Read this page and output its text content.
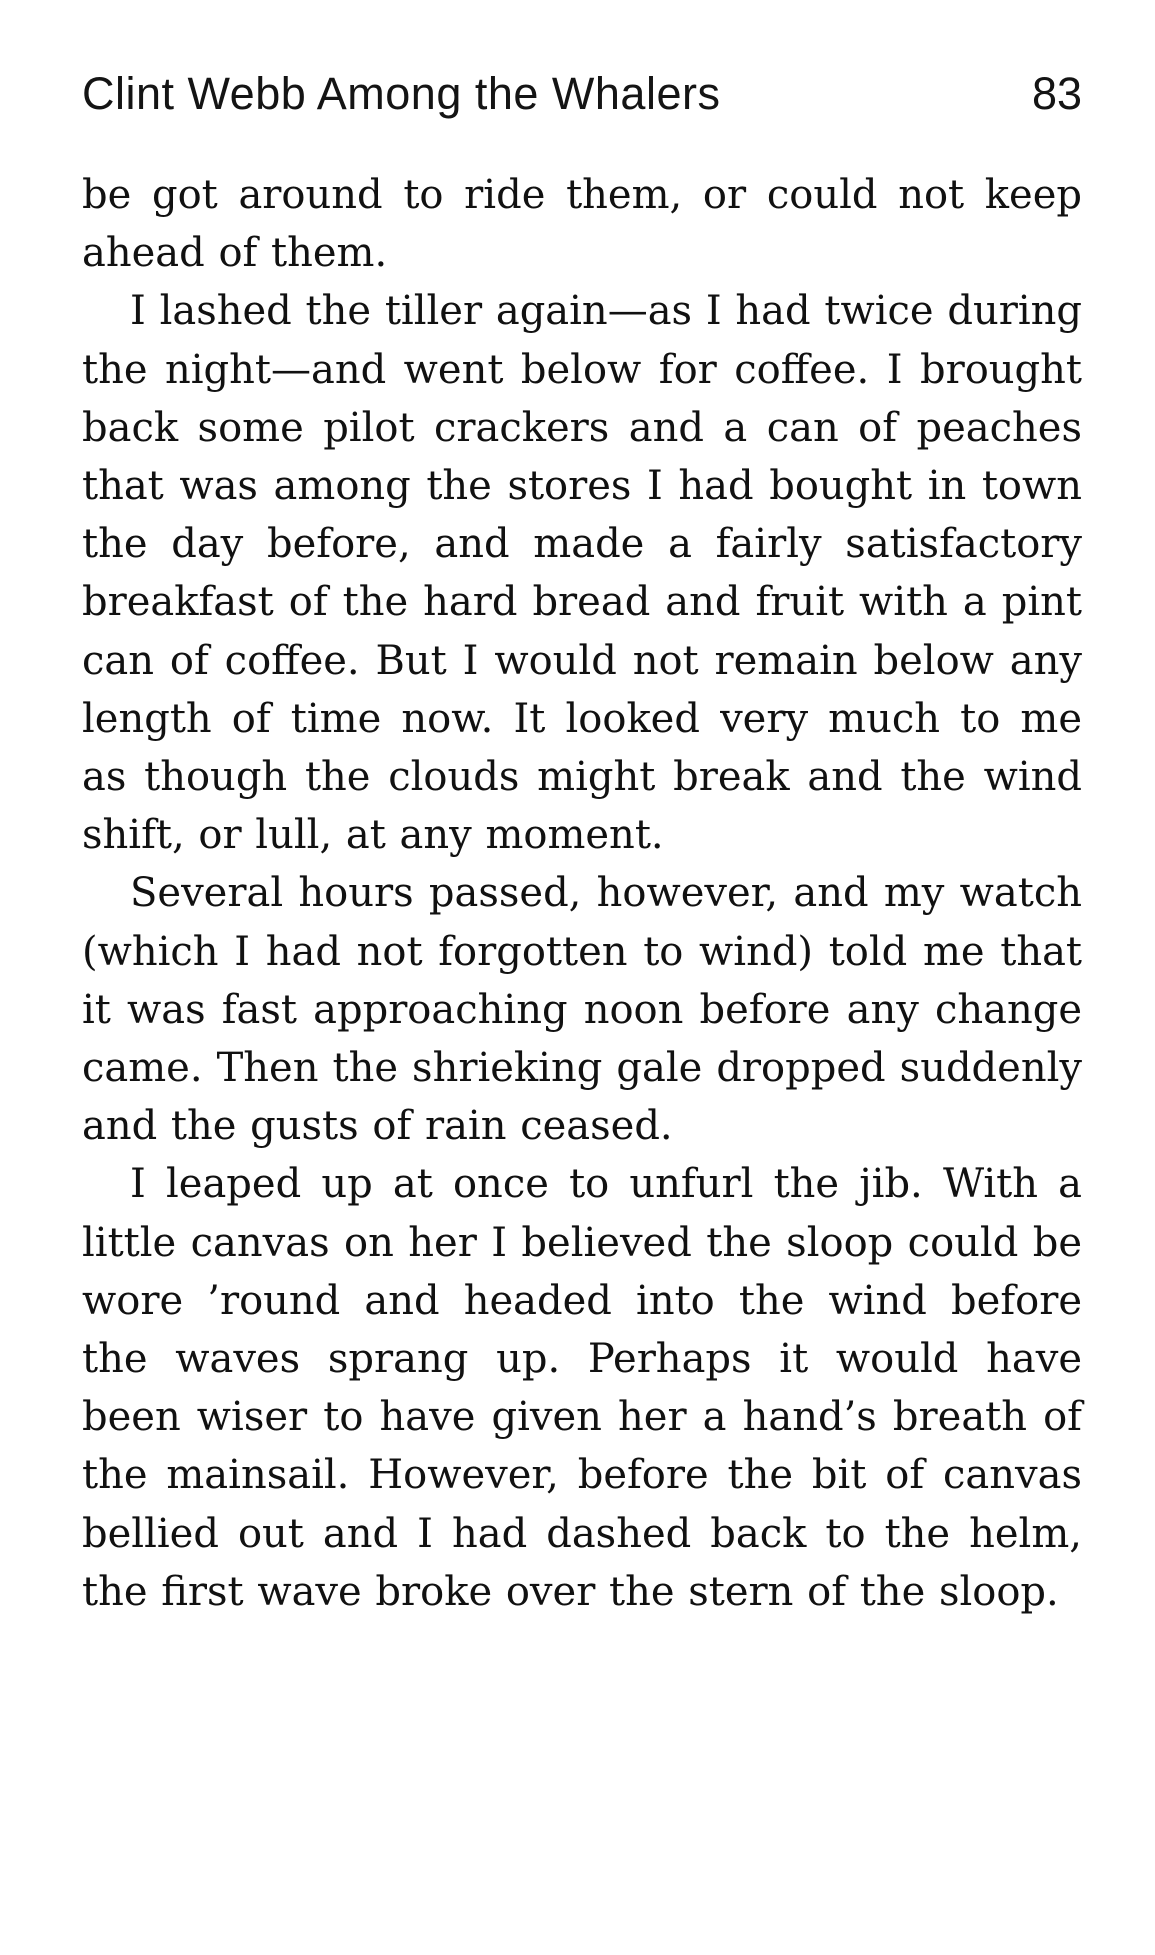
Clint Webb Among the Whalers	83

be got around to ride them, or could not keep ahead of them.

I lashed the tiller again—as I had twice during the night—and went below for coffee. I brought back some pilot crackers and a can of peaches that was among the stores I had bought in town the day before, and made a fairly satisfactory breakfast of the hard bread and fruit with a pint can of coffee. But I would not remain below any length of time now. It looked very much to me as though the clouds might break and the wind shift, or lull, at any moment.

Several hours passed, however, and my watch (which I had not forgotten to wind) told me that it was fast approaching noon before any change came. Then the shrieking gale dropped suddenly and the gusts of rain ceased.

I leaped up at once to unfurl the jib. With a little canvas on her I believed the sloop could be wore ’round and headed into the wind before the waves sprang up. Perhaps it would have been wiser to have given her a hand’s breath of the mainsail. However, before the bit of canvas bellied out and I had dashed back to the helm, the first wave broke over the stern of the sloop.
